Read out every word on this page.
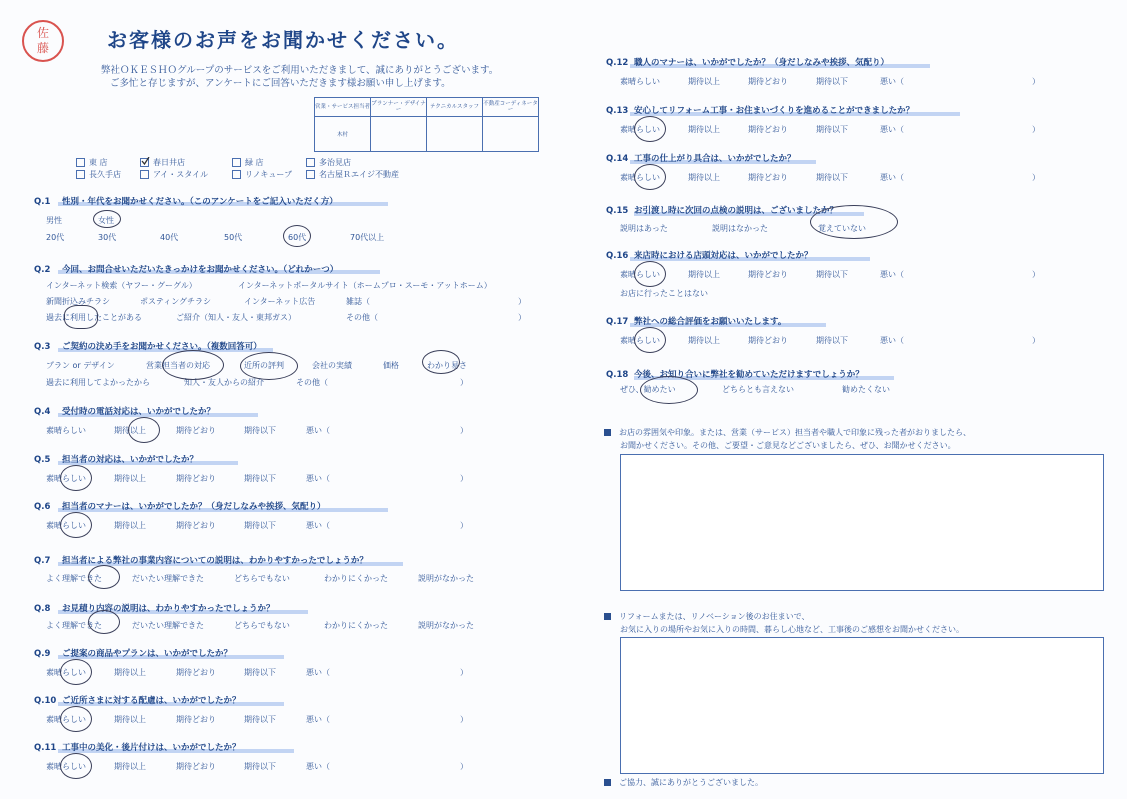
佐
藤	お客様のお声をお聞かせください。
弊社ＯＫＥＳＨＯグループのサービスをご利用いただきまして、誠にありがとうございます。
ご多忙と存じますが、アンケートにご回答いただきます様お願い申し上げます。
営業・サービス担当者	プランナー・デザイナー	テクニカルスタッフ	不動産コーディネーター
木村			
東 店	春日井店	緑 店	多治見店
長久手店	アイ・スタイル	リノキューブ	名古屋Ｒエイジ不動産
Q.1 性別・年代をお聞かせください。（このアンケートをご記入いただく方）
男性	女性
20代	30代	40代	50代	60代	70代以上
Q.2 今回、お問合せいただいたきっかけをお聞かせください。（どれかーつ）
インターネット検索（ヤフー・グーグル）	インターネットポータルサイト（ホームプロ・スーモ・アットホーム）
新聞折込みチラシ	ポスティングチラシ	インターネット広告	雑誌（	）
過去に利用したことがある	ご紹介（知人・友人・東邦ガス）	その他（	）
Q.3 ご契約の決め手をお聞かせください。（複数回答可）
プラン or デザイン	営業担当者の対応	近所の評判	会社の実績	価格	わかり易さ
過去に利用してよかったから	知人・友人からの紹介	その他（	）
Q.4 受付時の電話対応は、いかがでしたか？
素晴らしい	期待以上	期待どおり	期待以下	悪い（	）
Q.5 担当者の対応は、いかがでしたか？
素晴らしい	期待以上	期待どおり	期待以下	悪い（	）
Q.6 担当者のマナーは、いかがでしたか？（身だしなみや挨拶、気配り）
素晴らしい	期待以上	期待どおり	期待以下	悪い（	）
Q.9 ご提案の商品やプランは、いかがでしたか？
素晴らしい	期待以上	期待どおり	期待以下	悪い（	）
Q.10 ご近所さまに対する配慮は、いかがでしたか？
素晴らしい	期待以上	期待どおり	期待以下	悪い（	）
Q.11 工事中の美化・後片付けは、いかがでしたか？
素晴らしい	期待以上	期待どおり	期待以下	悪い（	）
Q.7 担当者による弊社の事業内容についての説明は、わかりやすかったでしょうか？
よく理解できた	だいたい理解できた	どちらでもない	わかりにくかった	説明がなかった
Q.8 お見積り内容の説明は、わかりやすかったでしょうか？
よく理解できた	だいたい理解できた	どちらでもない	わかりにくかった	説明がなかった
Q.12 職人のマナーは、いかがでしたか？（身だしなみや挨拶、気配り）
素晴らしい	期待以上	期待どおり	期待以下	悪い（	）
Q.13 安心してリフォーム工事・お住まいづくりを進めることができましたか？
素晴らしい	期待以上	期待どおり	期待以下	悪い（	）
Q.14 工事の仕上がり具合は、いかがでしたか？
素晴らしい	期待以上	期待どおり	期待以下	悪い（	）
Q.16 来店時における店頭対応は、いかがでしたか？
素晴らしい	期待以上	期待どおり	期待以下	悪い（	）
Q.17 弊社への総合評価をお願いいたします。
素晴らしい	期待以上	期待どおり	期待以下	悪い（	）
Q.15 お引渡し時に次回の点検の説明は、ございましたか？
説明はあった	説明はなかった	覚えていない
お店に行ったことはない
Q.18 今後、お知り合いに弊社を勧めていただけますでしょうか？
ぜひ、勧めたい	どちらとも言えない	勧めたくない
お店の雰囲気や印象。または、営業（サービス）担当者や職人で印象に残った者がおりましたら、
お聞かせください。その他、ご要望・ご意見などございましたら、ぜひ、お聞かせください。
リフォームまたは、リノベーション後のお住まいで、
お気に入りの場所やお気に入りの時間、暮らし心地など、工事後のご感想をお聞かせください。
ご協力、誠にありがとうございました。
